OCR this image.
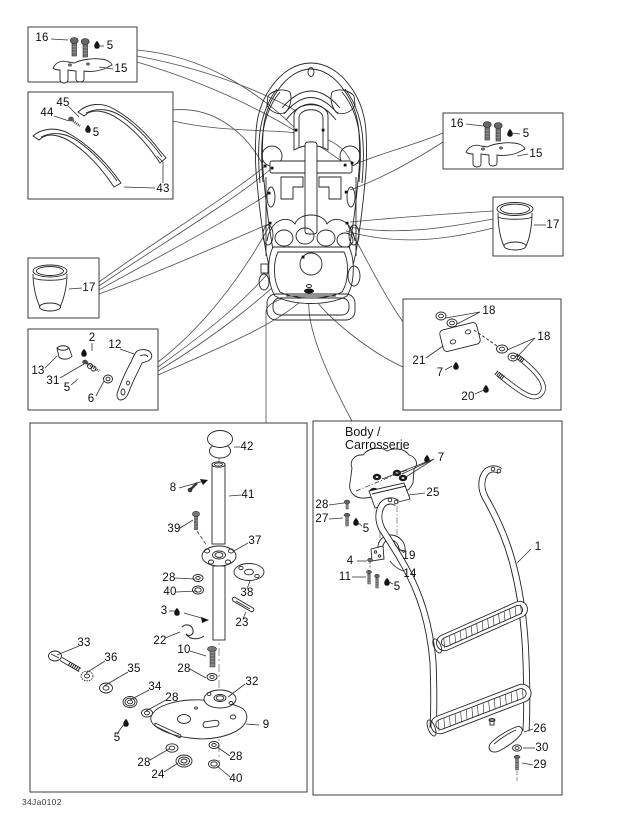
16
5
15
45
44
5
43
16
5
15
17
17
2
12
13
31
5
6
18
21
7
18
20
42
8
41
39
37
28
40	38
3
23
22
10
28
33
36
35
34
28
5
32
9
28
24
28
40
7
25
28
27
5
4	19
14
11
5
1
26
30
29
Body /
Carrosserie
34Ja0102
